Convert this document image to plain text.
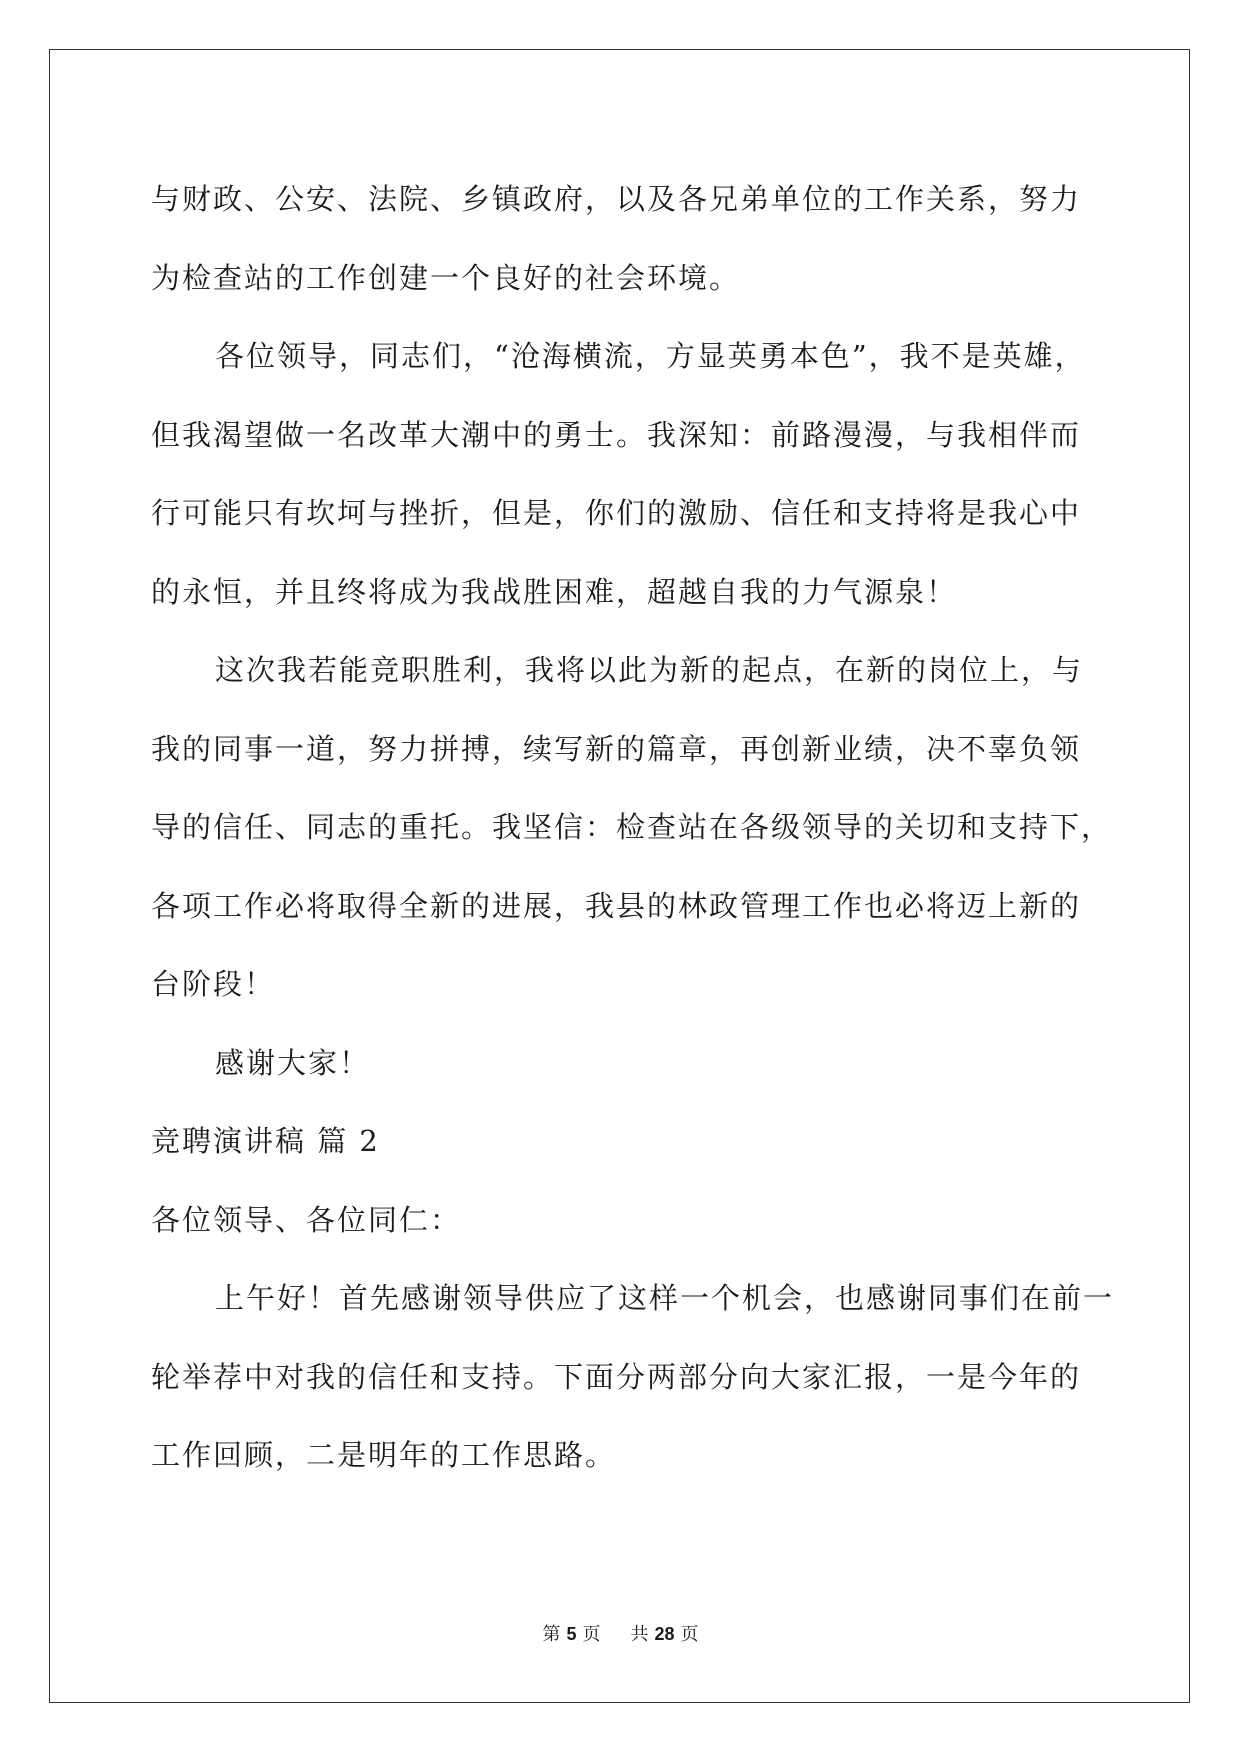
与财政、公安、法院、乡镇政府，以及各兄弟单位的工作关系，努力
为检查站的工作创建一个良好的社会环境。
各位领导，同志们，“沧海横流，方显英勇本色”，我不是英雄，
但我渴望做一名改革大潮中的勇士。我深知：前路漫漫，与我相伴而
行可能只有坎坷与挫折，但是，你们的激励、信任和支持将是我心中
的永恒，并且终将成为我战胜困难，超越自我的力气源泉！
这次我若能竞职胜利，我将以此为新的起点，在新的岗位上，与
我的同事一道，努力拼搏，续写新的篇章，再创新业绩，决不辜负领
导的信任、同志的重托。我坚信：检查站在各级领导的关切和支持下，
各项工作必将取得全新的进展，我县的林政管理工作也必将迈上新的
台阶段！
感谢大家！
竞聘演讲稿 篇 2
各位领导、各位同仁：
上午好！首先感谢领导供应了这样一个机会，也感谢同事们在前一
轮举荐中对我的信任和支持。下面分两部分向大家汇报，一是今年的
工作回顾，二是明年的工作思路。
第 5 页 共 28 页
